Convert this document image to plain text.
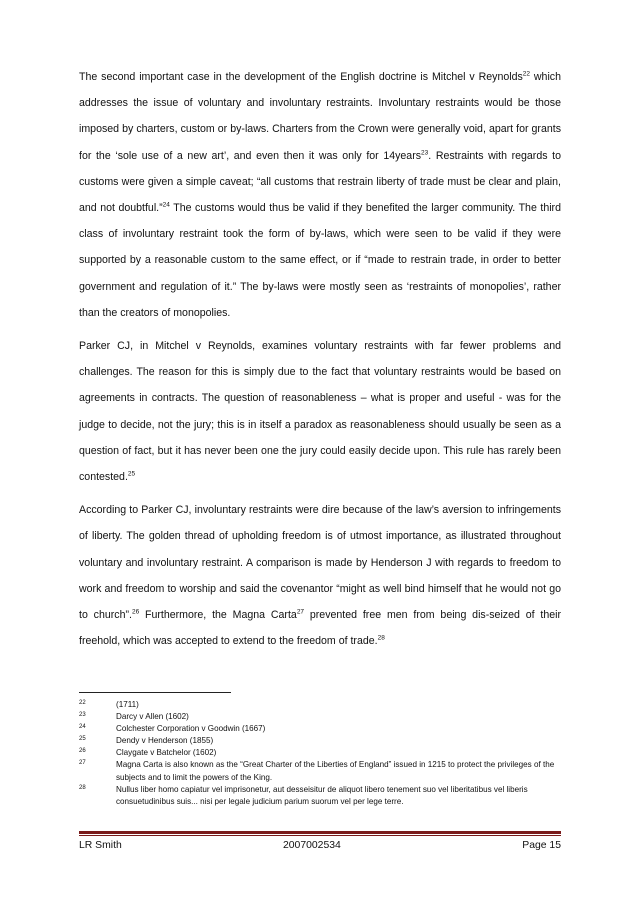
The second important case in the development of the English doctrine is Mitchel v Reynolds$^{22}$ which addresses the issue of voluntary and involuntary restraints. Involuntary restraints would be those imposed by charters, custom or by-laws. Charters from the Crown were generally void, apart for grants for the ‘sole use of a new art’, and even then it was only for 14years$^{23}$. Restraints with regards to customs were given a simple caveat; “all customs that restrain liberty of trade must be clear and plain, and not doubtful.”$^{24}$ The customs would thus be valid if they benefited the larger community. The third class of involuntary restraint took the form of by-laws, which were seen to be valid if they were supported by a reasonable custom to the same effect, or if “made to restrain trade, in order to better government and regulation of it.” The by-laws were mostly seen as ‘restraints of monopolies’, rather than the creators of monopolies.

Parker CJ, in Mitchel v Reynolds, examines voluntary restraints with far fewer problems and challenges. The reason for this is simply due to the fact that voluntary restraints would be based on agreements in contracts. The question of reasonableness – what is proper and useful - was for the judge to decide, not the jury; this is in itself a paradox as reasonableness should usually be seen as a question of fact, but it has never been one the jury could easily decide upon. This rule has rarely been contested.$^{25}$

According to Parker CJ, involuntary restraints were dire because of the law’s aversion to infringements of liberty. The golden thread of upholding freedom is of utmost importance, as illustrated throughout voluntary and involuntary restraint. A comparison is made by Henderson J with regards to freedom to work and freedom to worship and said the covenantor “might as well bind himself that he would not go to church”.$^{26}$ Furthermore, the Magna Carta$^{27}$ prevented free men from being dis-seized of their freehold, which was accepted to extend to the freedom of trade.$^{28}$

22	(1711)
23	Darcy v Allen (1602)
24	Colchester Corporation v Goodwin (1667)
25	Dendy v Henderson (1855)
26	Claygate v Batchelor (1602)
27	Magna Carta is also known as the “Great Charter of the Liberties of England” issued in 1215 to protect the privileges of the subjects and to limit the powers of the King.
28	Nullus liber homo capiatur vel imprisonetur, aut desseisitur de aliquot libero tenement suo vel liberitatibus vel liberis consuetudinibus suis... nisi per legale judicium parium suorum vel per lege terre.
LR Smith	2007002534	Page 15
